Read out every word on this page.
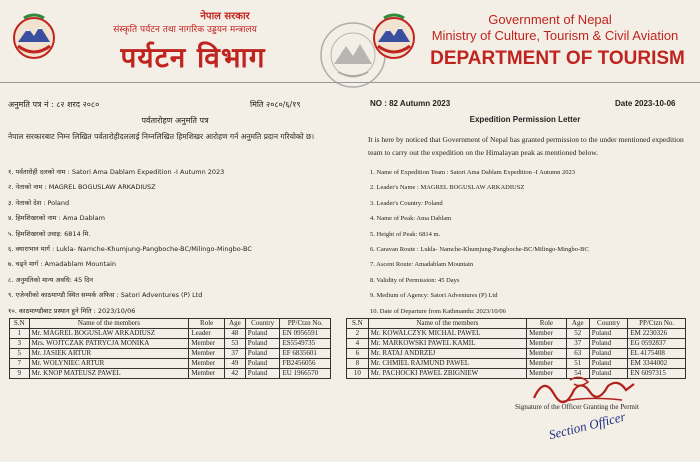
नेपाल सरकार
संस्कृति पर्यटन तथा नागरिक उड्डयन मन्त्रालय
पर्यटन विभाग
Government of Nepal
Ministry of Culture, Tourism & Civil Aviation
DEPARTMENT OF TOURISM
अनुमति पत्र नं : ८२ शरद २०८०	मिति २०८०/६/१९	NO : 82 Autumn 2023	Date 2023-10-06
पर्वतारोहण अनुमति पत्र	Expedition Permission Letter
नेपाल सरकारबाट निम्न लिखित पर्वतारोहीदललाई निम्नलिखित हिमशिखर आरोहण गर्न अनुमति प्रदान गरियोको छ।	It is here by noticed that Government of Nepal has granted permission to the under mentioned expedition team to carry out the expedition on the Himalayan peak as mentioned below.
१. पर्वतारोही दलको नाम : Satori Ama Dablam Expedition -I Autumn 2023
२. नेताको नाम : MAGREL BOGUSLAW ARKADIUSZ
३. नेताको देश : Poland
४. हिमशिखरको नाम : Ama Dablam
५. हिमशिखरको उचाइ: 6814 मि.
६. क्याराभान मार्ग : Lukla- Namche-Khumjung-Pangboche-BC/Milingo-Mingbo-BC
७. चढ्ने मार्ग : Amadablam Mountain
८. अनुमतिको मान्य अवधि: 45 दिन
९. एजेन्सीको काठमाण्डौ स्थित सम्पर्क अफिस : Satori Adventures (P) Ltd
१०. काठमाण्डौबाट प्रस्थान हुने मिति : 2023/10/06
1. Name of Expedition Team : Satori Ama Dablam Expedition -I Autumn 2023
2. Leader's Name : MAGREL BOGUSLAW ARKADIUSZ
3. Leader's Country: Poland
4. Name of Peak: Ama Dablam
5. Height of Peak: 6814 m.
6. Caravan Route : Lukla- Namche-Khumjung-Pangboche-BC/Milingo-Mingbo-BC
7. Ascent Route: Amadablam Mountain
8. Validity of Permission: 45 Days
9. Medium of Agency: Satori Adventures (P) Ltd
10. Date of Departure from Kathmandu: 2023/10/06
S.N	Name of the members	Role	Age	Country	PP/Ctzn No.
1	Mr. MAGREL BOGUSLAW ARKADIUSZ	Leader	48	Poland	EN 0956591
3	Mrs. WOJTCZAK PATRYCJA MONIKA	Member	53	Poland	ES5549735
5	Mr. JASIEK ARTUR	Member	37	Poland	EF 6835601
7	Mr. WOLYNIEC ARTUR	Member	49	Poland	FB2456056
9	Mr. KNOP MATEUSZ PAWEL	Member	42	Poland	EU 1966570
S.N	Name of the members	Role	Age	Country	PP/Ctzn No.
2	Mr. KOWALCZYK MICHAL PAWEL	Member	52	Poland	EM 2230326
4	Mr. MARKOWSKI PAWEL KAMIL	Member	37	Poland	EG 0592837
6	Mr. RATAJ ANDRZEJ	Member	63	Poland	EL 4175408
8	Mr. CHMIEL RAJMUND PAWEL	Member	51	Poland	EM 3344002
10	Mr. PACHOCKI PAWEL ZBIGNIEW	Member	54	Poland	EN 6097315
Signature of the Officer Granting the Permit
Section Officer
